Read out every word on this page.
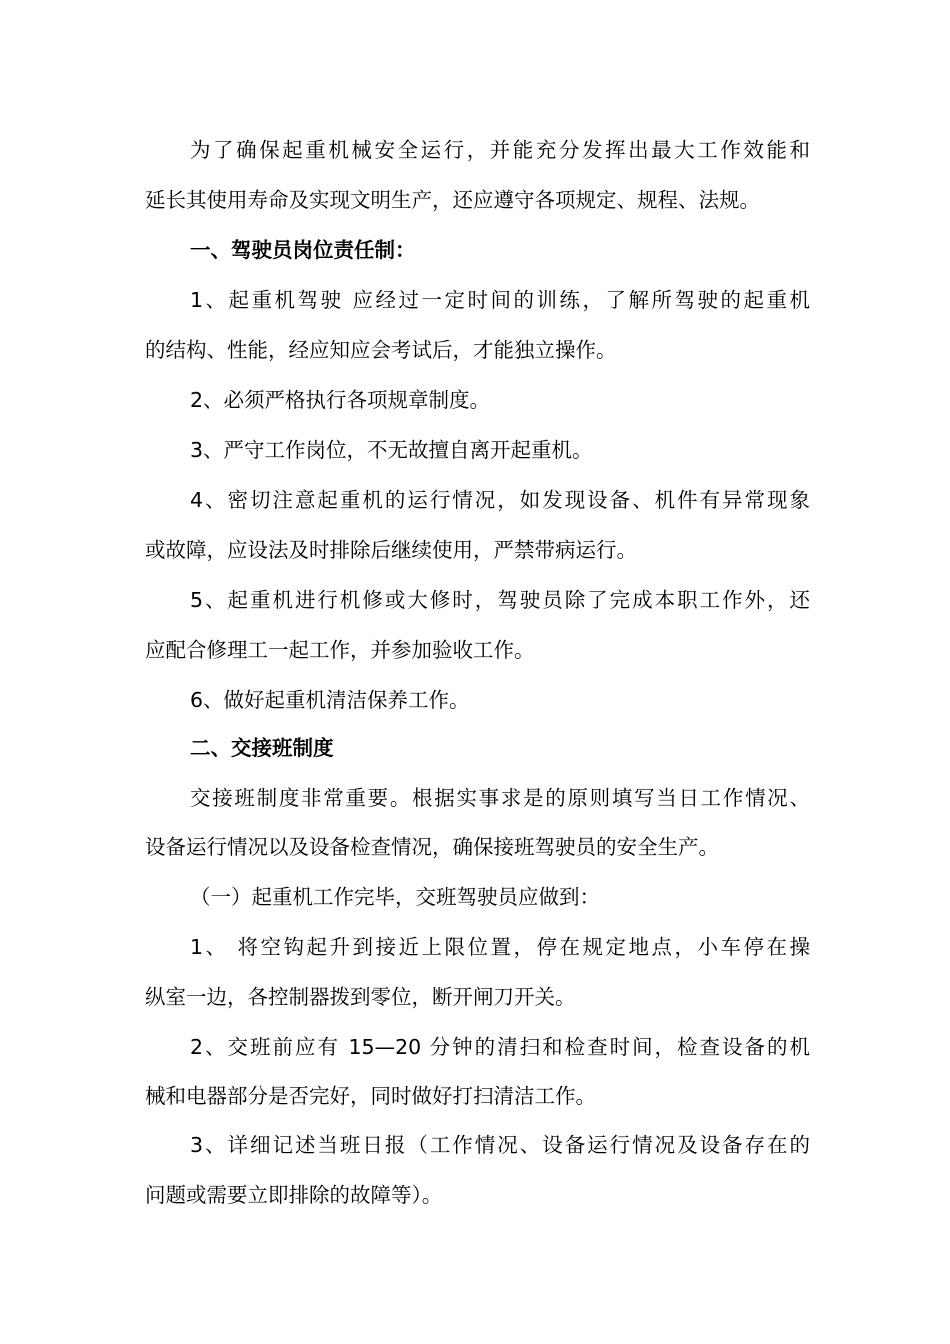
为了确保起重机械安全运行，并能充分发挥出最大工作效能和
延长其使用寿命及实现文明生产，还应遵守各项规定、规程、法规。
一、驾驶员岗位责任制：
1、起重机驾驶 应经过一定时间的训练，了解所驾驶的起重机
的结构、性能，经应知应会考试后，才能独立操作。
2、必须严格执行各项规章制度。
3、严守工作岗位，不无故擅自离开起重机。
4、密切注意起重机的运行情况，如发现设备、机件有异常现象
或故障，应设法及时排除后继续使用，严禁带病运行。
5、起重机进行机修或大修时，驾驶员除了完成本职工作外，还
应配合修理工一起工作，并参加验收工作。
6、做好起重机清洁保养工作。
二、交接班制度
交接班制度非常重要。根据实事求是的原则填写当日工作情况、
设备运行情况以及设备检查情况，确保接班驾驶员的安全生产。
（一）起重机工作完毕，交班驾驶员应做到：
1、 将空钩起升到接近上限位置，停在规定地点，小车停在操
纵室一边，各控制器拨到零位，断开闸刀开关。
2、交班前应有 15—20 分钟的清扫和检查时间，检查设备的机
械和电器部分是否完好，同时做好打扫清洁工作。
3、详细记述当班日报（工作情况、设备运行情况及设备存在的
问题或需要立即排除的故障等）。
